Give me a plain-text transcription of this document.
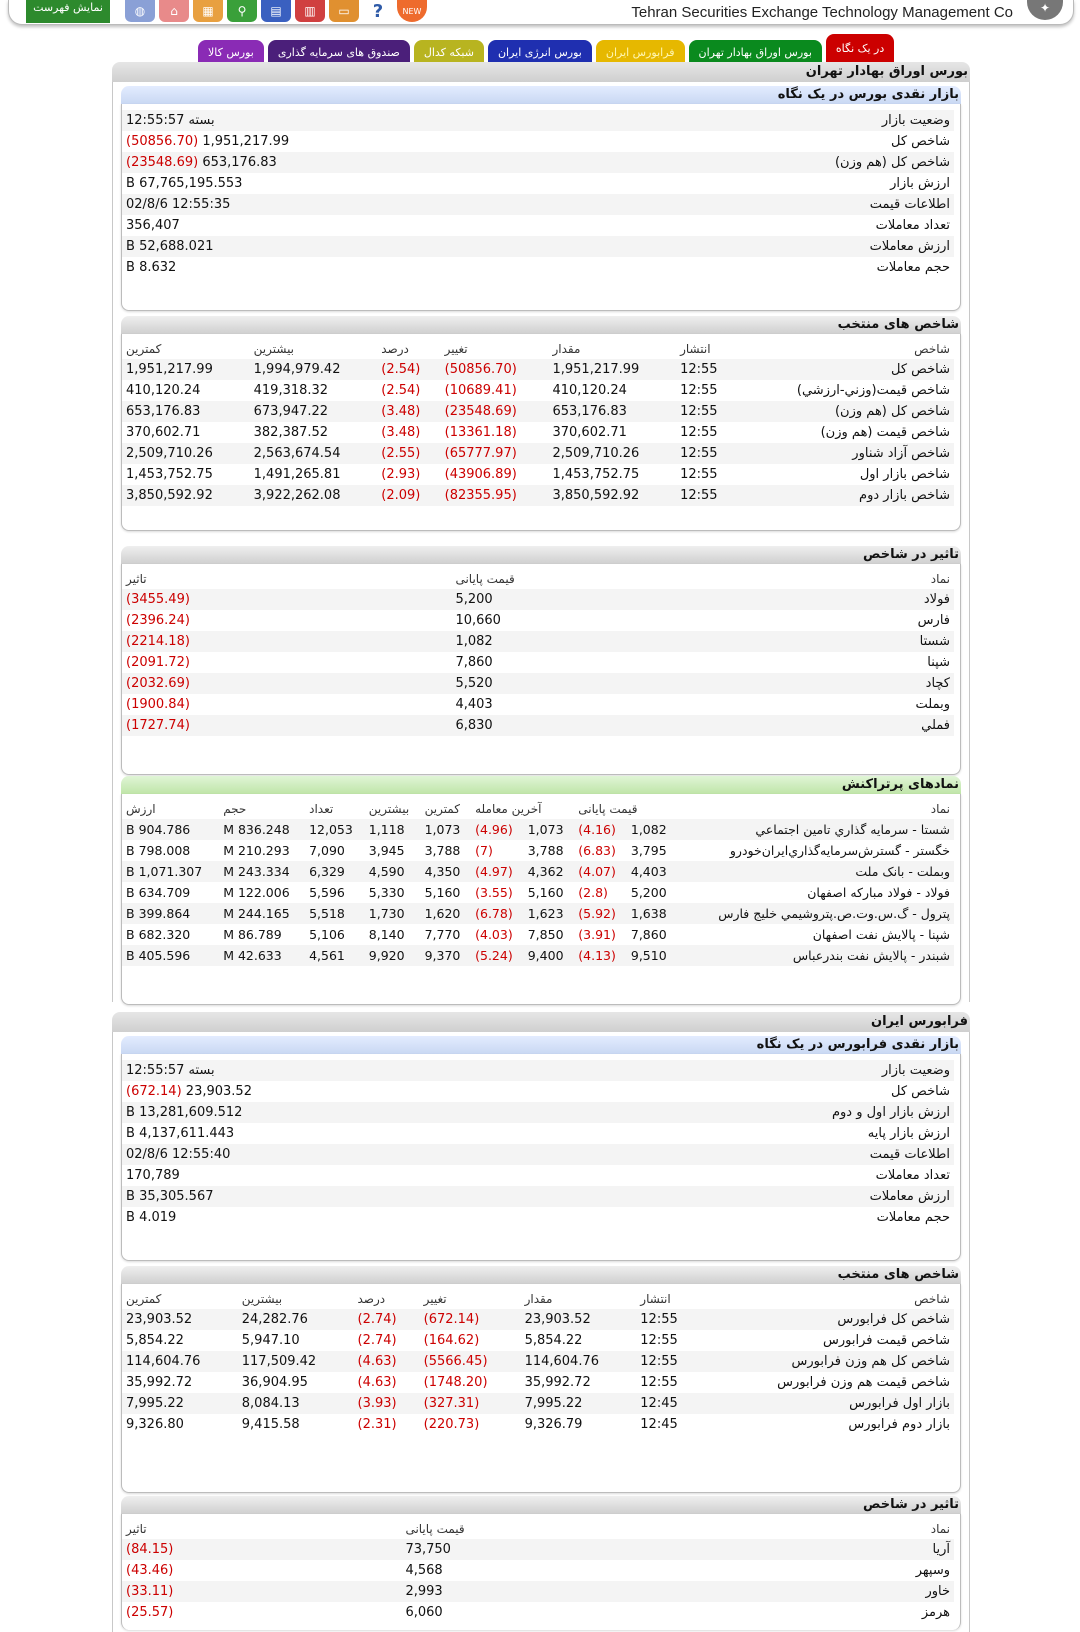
نمایش فهرست	◍	⌂	▦	⚲	▤	▥	▭	?	NEW	Tehran Securities Exchange Technology Management Co	✦
بورس کالا	صندوق های سرمایه گذاری	شبکه کدال	بورس انرژی ایران	فرابورس ایران	بورس اوراق بهادار تهران	در یک نگاه
بورس اوراق بهادار تهران
بازار نقدی بورس در یک نگاه
وضعیت بازار	بسته 12:55:57
شاخص کل	1,951,217.99 (50856.70)
شاخص کل (هم وزن)	653,176.83 (23548.69)
ارزش بازار	67,765,195.553 B
اطلاعات قیمت	12:55:35 02/8/6
تعداد معاملات	356,407
ارزش معاملات	52,688.021 B
حجم معاملات	8.632 B
شاخص های منتخب
شاخص	انتشار	مقدار	تغییر	درصد	بیشترین	کمترین
شاخص کل	12:55	1,951,217.99	(50856.70)	(2.54)	1,994,979.42	1,951,217.99
شاخص قیمت(وزني-ارزشي)	12:55	410,120.24	(10689.41)	(2.54)	419,318.32	410,120.24
شاخص کل (هم وزن)	12:55	653,176.83	(23548.69)	(3.48)	673,947.22	653,176.83
شاخص قیمت (هم وزن)	12:55	370,602.71	(13361.18)	(3.48)	382,387.52	370,602.71
شاخص آزاد شناور	12:55	2,509,710.26	(65777.97)	(2.55)	2,563,674.54	2,509,710.26
شاخص بازار اول	12:55	1,453,752.75	(43906.89)	(2.93)	1,491,265.81	1,453,752.75
شاخص بازار دوم	12:55	3,850,592.92	(82355.95)	(2.09)	3,922,262.08	3,850,592.92
تاثیر در شاخص
نماد	قیمت پایانی	تاثیر
فولاد	5,200	(3455.49)
فارس	10,660	(2396.24)
شستا	1,082	(2214.18)
شپنا	7,860	(2091.72)
کچاد	5,520	(2032.69)
وبملت	4,403	(1900.84)
فملي	6,830	(1727.74)
نمادهای پرتراکنش
نماد	قیمت پایانی		آخرین معامله		کمترین	بیشترین	تعداد	حجم	ارزش
شستا - سرمايه گذاري تامين اجتماعي	1,082	(4.16)	1,073	(4.96)	1,073	1,118	12,053	836.248 M	904.786 B
خگستر - گسترش‌سرمايه‌گذاري‌ايران‌خودرو	3,795	(6.83)	3,788	(7)	3,788	3,945	7,090	210.293 M	798.008 B
وبملت - بانک ملت	4,403	(4.07)	4,362	(4.97)	4,350	4,590	6,329	243.334 M	1,071.307 B
فولاد - فولاد مبارکه اصفهان	5,200	(2.8)	5,160	(3.55)	5,160	5,330	5,596	122.006 M	634.709 B
پترول - گ.س.وت.ص.پتروشيمي خليج فارس	1,638	(5.92)	1,623	(6.78)	1,620	1,730	5,518	244.165 M	399.864 B
شپنا - پالايش نفت اصفهان	7,860	(3.91)	7,850	(4.03)	7,770	8,140	5,106	86.789 M	682.320 B
شبندر - پالايش نفت بندرعباس	9,510	(4.13)	9,400	(5.24)	9,370	9,920	4,561	42.633 M	405.596 B
فرابورس ایران
بازار نقدی فرابورس در یک نگاه
وضعیت بازار	بسته 12:55:57
شاخص کل	23,903.52 (672.14)
ارزش بازار اول و دوم	13,281,609.512 B
ارزش بازار پایه	4,137,611.443 B
اطلاعات قیمت	12:55:40 02/8/6
تعداد معاملات	170,789
ارزش معاملات	35,305.567 B
حجم معاملات	4.019 B
شاخص های منتخب
شاخص	انتشار	مقدار	تغییر	درصد	بیشترین	کمترین
شاخص کل فرابورس	12:55	23,903.52	(672.14)	(2.74)	24,282.76	23,903.52
شاخص قیمت فرابورس	12:55	5,854.22	(164.62)	(2.74)	5,947.10	5,854.22
شاخص کل هم وزن فرابورس	12:55	114,604.76	(5566.45)	(4.63)	117,509.42	114,604.76
شاخص قیمت هم وزن فرابورس	12:55	35,992.72	(1748.20)	(4.63)	36,904.95	35,992.72
بازار اول فرابورس	12:45	7,995.22	(327.31)	(3.93)	8,084.13	7,995.22
بازار دوم فرابورس	12:45	9,326.79	(220.73)	(2.31)	9,415.58	9,326.80
تاثیر در شاخص
نماد	قیمت پایانی	تاثیر
آریا	73,750	(84.15)
وسپهر	4,568	(43.46)
خاور	2,993	(33.11)
هرمز	6,060	(25.57)
